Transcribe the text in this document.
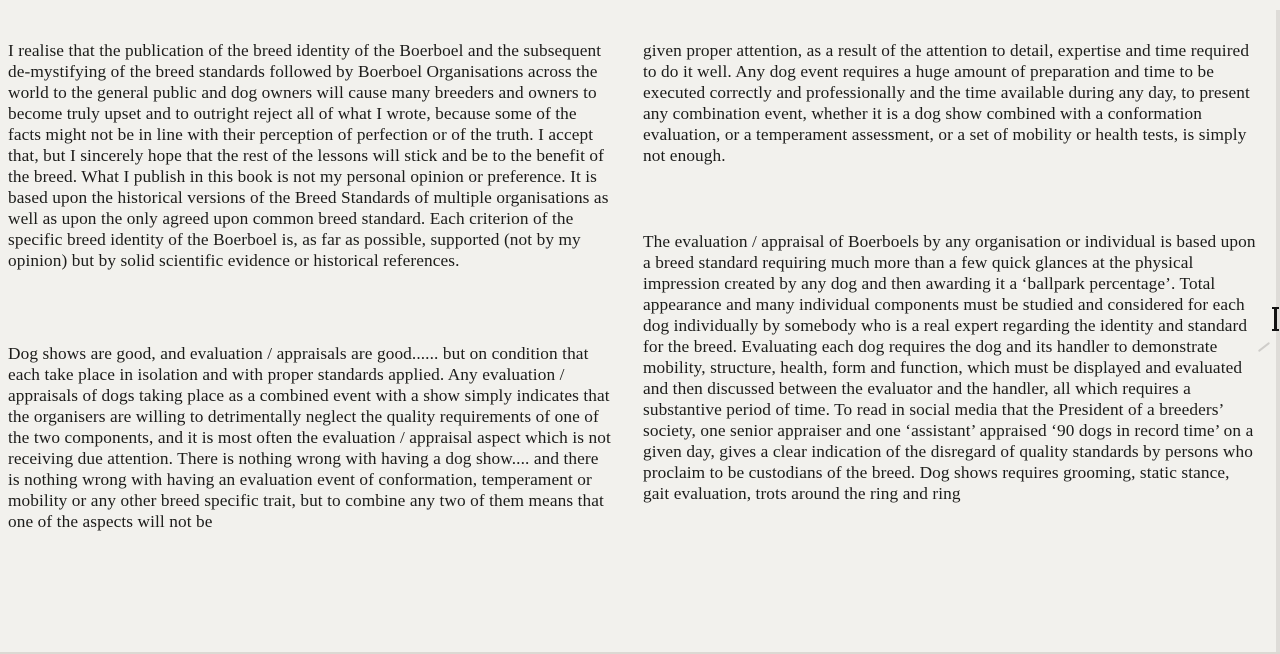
I realise that the publication of the breed identity of the Boerboel and the subsequent de-mystifying of the breed standards followed by Boerboel Organisations across the world to the general public and dog owners will cause many breeders and owners to become truly upset and to outright reject all of what I wrote, because some of the facts might not be in line with their perception of perfection or of the truth. I accept that, but I sincerely hope that the rest of the lessons will stick and be to the benefit of the breed. What I publish in this book is not my personal opinion or preference. It is based upon the historical versions of the Breed Standards of multiple organisations as well as upon the only agreed upon common breed standard. Each criterion of the specific breed identity of the Boerboel is, as far as possible, supported (not by my opinion) but by solid scientific evidence or historical references.

Dog shows are good, and evaluation / appraisals are good...... but on condition that each take place in isolation and with proper standards applied. Any evaluation / appraisals of dogs taking place as a combined event with a show simply indicates that the organisers are willing to detrimentally neglect the quality requirements of one of the two components, and it is most often the evaluation / appraisal aspect which is not receiving due attention. There is nothing wrong with having a dog show.... and there is nothing wrong with having an evaluation event of conformation, temperament or mobility or any other breed specific trait, but to combine any two of them means that one of the aspects will not be

given proper attention, as a result of the attention to detail, expertise and time required to do it well. Any dog event requires a huge amount of preparation and time to be executed correctly and professionally and the time available during any day, to present any combination event, whether it is a dog show combined with a conformation evaluation, or a temperament assessment, or a set of mobility or health tests, is simply not enough.

The evaluation / appraisal of Boerboels by any organisation or individual is based upon a breed standard requiring much more than a few quick glances at the physical impression created by any dog and then awarding it a ‘ballpark percentage’. Total appearance and many individual components must be studied and considered for each dog individually by somebody who is a real expert regarding the identity and standard for the breed. Evaluating each dog requires the dog and its handler to demonstrate mobility, structure, health, form and function, which must be displayed and evaluated and then discussed between the evaluator and the handler, all which requires a substantive period of time. To read in social media that the President of a breeders’ society, one senior appraiser and one ‘assistant’ appraised ‘90 dogs in record time’ on a given day, gives a clear indication of the disregard of quality standards by persons who proclaim to be custodians of the breed. Dog shows requires grooming, static stance, gait evaluation, trots around the ring and ring
